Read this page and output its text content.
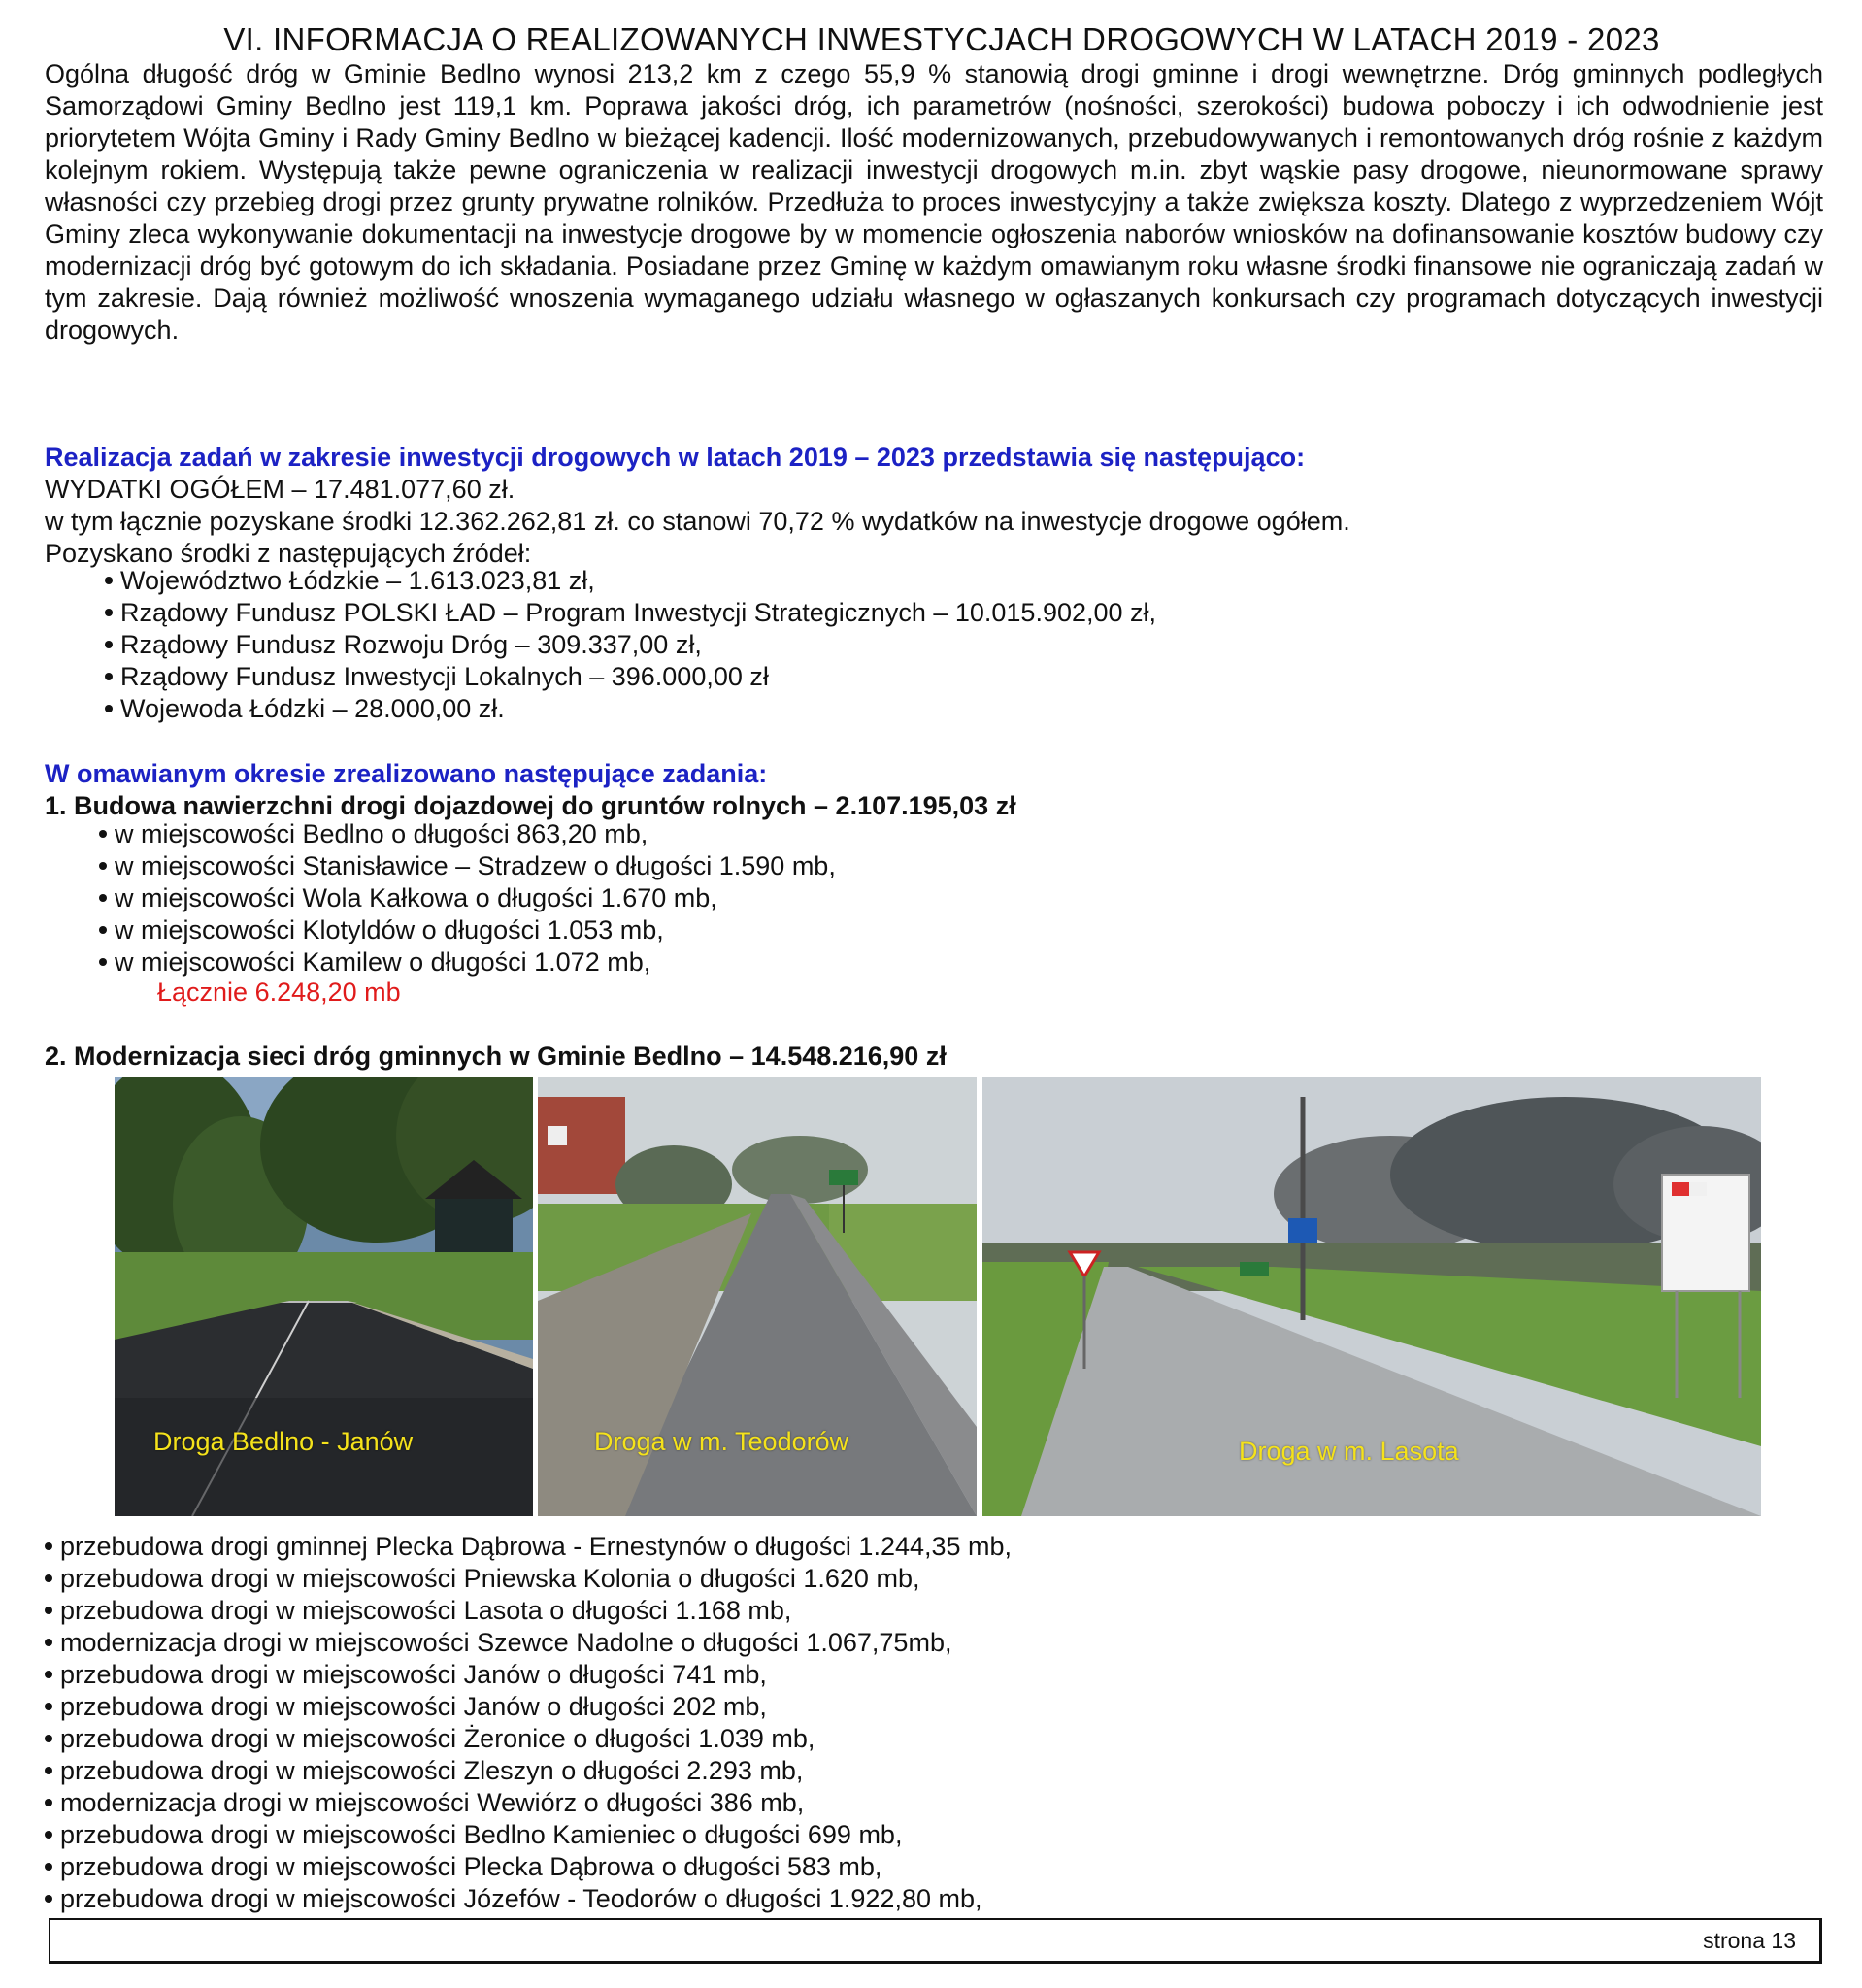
VI. INFORMACJA O REALIZOWANYCH INWESTYCJACH DROGOWYCH W LATACH 2019 - 2023

Ogólna długość dróg w Gminie Bedlno wynosi 213,2 km z czego 55,9 % stanowią drogi gminne i drogi wewnętrzne. Dróg gminnych podległych Samorządowi Gminy Bedlno jest 119,1 km. Poprawa jakości dróg, ich parametrów (nośności, szerokości) budowa poboczy i ich odwodnienie jest priorytetem Wójta Gminy i Rady Gminy Bedlno w bieżącej kadencji. Ilość modernizowanych, przebudowywanych i remontowanych dróg rośnie z każdym kolejnym rokiem. Występują także pewne ograniczenia w realizacji inwestycji drogowych m.in. zbyt wąskie pasy drogowe, nieunormowane sprawy własności czy przebieg drogi przez grunty prywatne rolników. Przedłuża to proces inwestycyjny a także zwiększa koszty. Dlatego z wyprzedzeniem Wójt Gminy zleca wykonywanie dokumentacji na inwestycje drogowe by w momencie ogłoszenia naborów wniosków na dofinansowanie kosztów budowy czy modernizacji dróg być gotowym do ich składania. Posiadane przez Gminę w każdym omawianym roku własne środki finansowe nie ograniczają zadań w tym zakresie. Dają również możliwość wnoszenia wymaganego udziału własnego w ogłaszanych konkursach czy programach dotyczących inwestycji drogowych.

Realizacja zadań w zakresie inwestycji drogowych w latach 2019 – 2023 przedstawia się następująco:
WYDATKI OGÓŁEM – 17.481.077,60 zł.
w tym łącznie pozyskane środki 12.362.262,81 zł. co stanowi 70,72 % wydatków na inwestycje drogowe ogółem.
Pozyskano środki z następujących źródeł:
Województwo Łódzkie – 1.613.023,81 zł,
Rządowy Fundusz POLSKI ŁAD – Program Inwestycji Strategicznych – 10.015.902,00 zł,
Rządowy Fundusz Rozwoju Dróg – 309.337,00 zł,
Rządowy Fundusz Inwestycji Lokalnych – 396.000,00 zł
Wojewoda Łódzki – 28.000,00 zł.
W omawianym okresie zrealizowano następujące zadania:
1. Budowa nawierzchni drogi dojazdowej do gruntów rolnych – 2.107.195,03 zł
w miejscowości Bedlno o długości 863,20 mb,
w miejscowości Stanisławice – Stradzew o długości 1.590 mb,
w miejscowości Wola Kałkowa o długości 1.670 mb,
w miejscowości Klotyldów o długości 1.053 mb,
w miejscowości Kamilew o długości 1.072 mb,
Łącznie 6.248,20 mb
2. Modernizacja sieci dróg gminnych w Gminie Bedlno – 14.548.216,90 zł
Droga Bedlno - Janów	Droga w m. Teodorów	Droga w m. Lasota
przebudowa drogi gminnej Plecka Dąbrowa - Ernestynów o długości 1.244,35 mb,
przebudowa drogi w miejscowości Pniewska Kolonia o długości 1.620 mb,
przebudowa drogi w miejscowości Lasota o długości 1.168 mb,
modernizacja drogi w miejscowości Szewce Nadolne o długości 1.067,75mb,
przebudowa drogi w miejscowości Janów o długości 741 mb,
przebudowa drogi w miejscowości Janów o długości 202 mb,
przebudowa drogi w miejscowości Żeronice o długości 1.039 mb,
przebudowa drogi w miejscowości Zleszyn o długości 2.293 mb,
modernizacja drogi w miejscowości Wewiórz o długości 386 mb,
przebudowa drogi w miejscowości Bedlno Kamieniec o długości 699 mb,
przebudowa drogi w miejscowości Plecka Dąbrowa o długości 583 mb,
przebudowa drogi w miejscowości Józefów - Teodorów o długości 1.922,80 mb,
strona 13
